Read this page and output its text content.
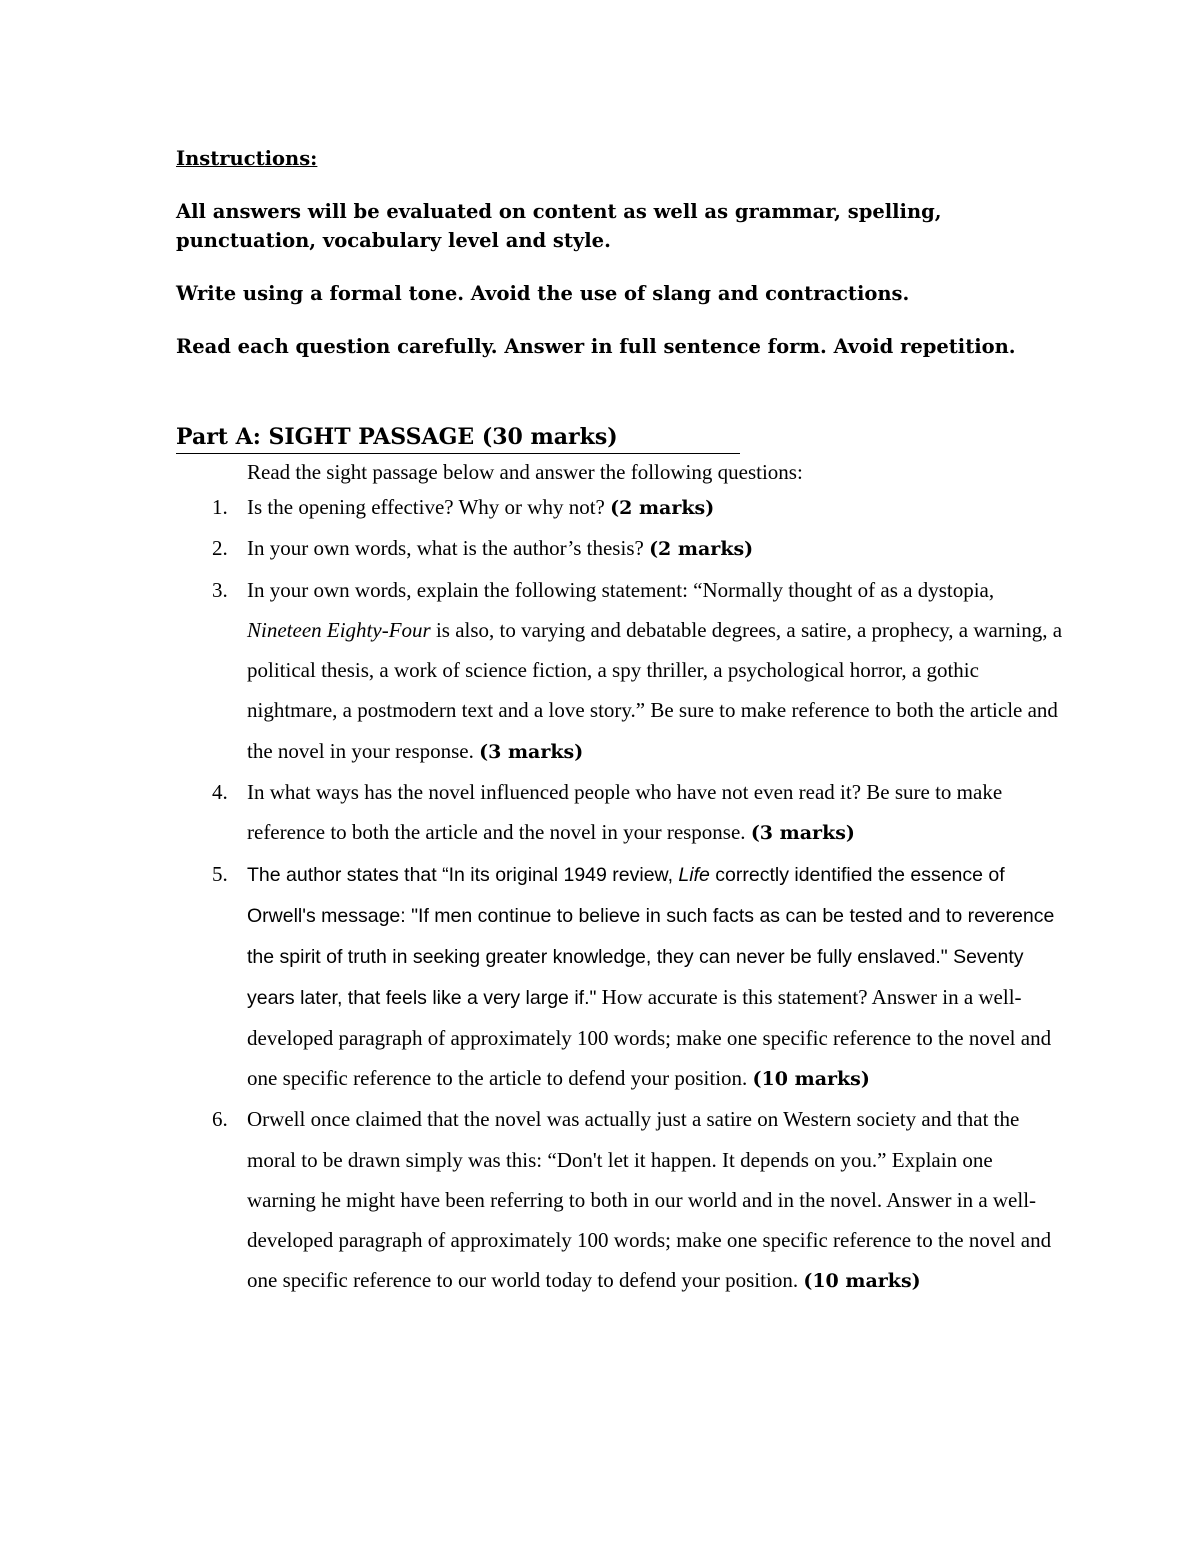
Instructions:

All answers will be evaluated on content as well as grammar, spelling, punctuation, vocabulary level and style.

Write using a formal tone. Avoid the use of slang and contractions.

Read each question carefully. Answer in full sentence form. Avoid repetition.

Part A: SIGHT PASSAGE (30 marks)
Read the sight passage below and answer the following questions:
1. Is the opening effective? Why or why not? (2 marks)
2. In your own words, what is the author’s thesis? (2 marks)
3. In your own words, explain the following statement: “Normally thought of as a dystopia, Nineteen Eighty-Four is also, to varying and debatable degrees, a satire, a prophecy, a warning, a political thesis, a work of science fiction, a spy thriller, a psychological horror, a gothic nightmare, a postmodern text and a love story.” Be sure to make reference to both the article and the novel in your response. (3 marks)
4. In what ways has the novel influenced people who have not even read it? Be sure to make reference to both the article and the novel in your response. (3 marks)
5. The author states that “In its original 1949 review, Life correctly identified the essence of Orwell's message: "If men continue to believe in such facts as can be tested and to reverence the spirit of truth in seeking greater knowledge, they can never be fully enslaved." Seventy years later, that feels like a very large if." How accurate is this statement? Answer in a well-developed paragraph of approximately 100 words; make one specific reference to the novel and one specific reference to the article to defend your position. (10 marks)
6. Orwell once claimed that the novel was actually just a satire on Western society and that the moral to be drawn simply was this: “Don't let it happen. It depends on you.” Explain one warning he might have been referring to both in our world and in the novel. Answer in a well-developed paragraph of approximately 100 words; make one specific reference to the novel and one specific reference to our world today to defend your position. (10 marks)
